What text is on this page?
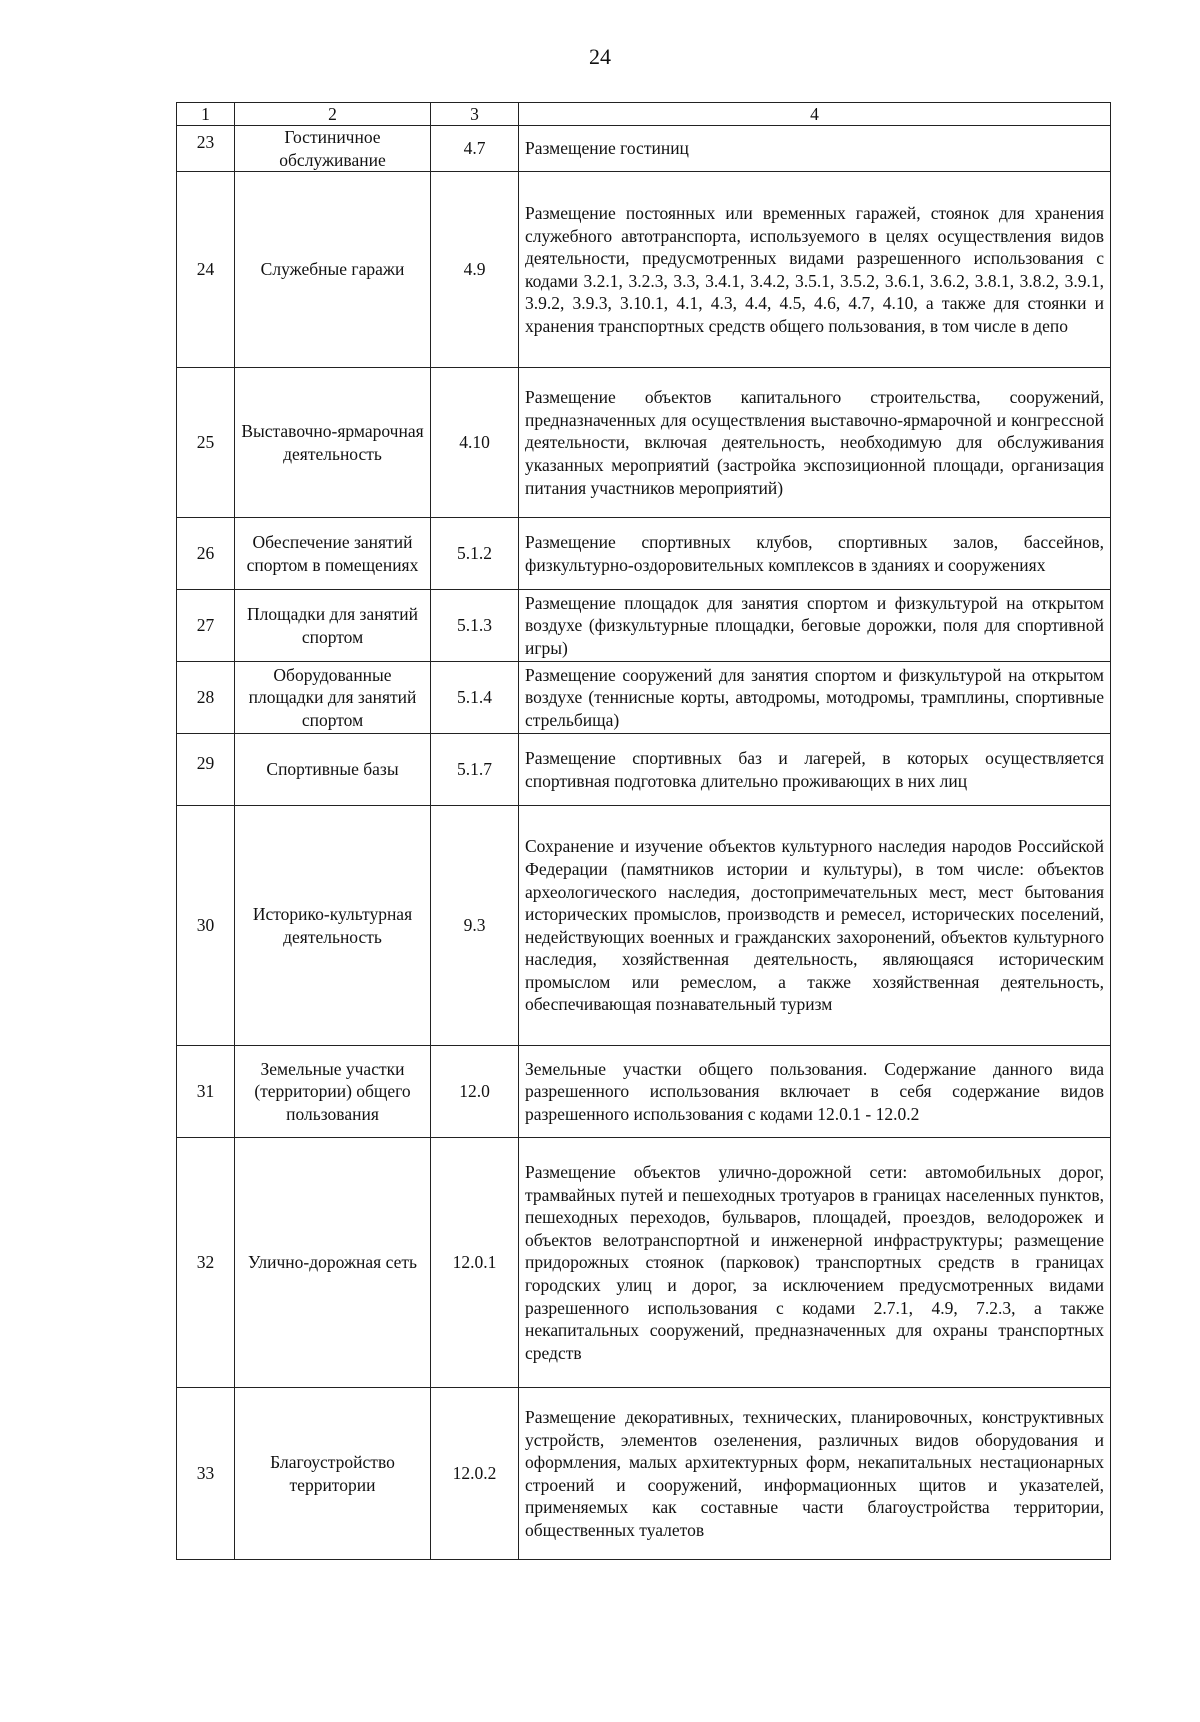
24
1	2	3	4
23	Гостиничное обслуживание	4.7	Размещение гостиниц
24	Служебные гаражи	4.9	Размещение постоянных или временных гаражей, стоянок для хранения служебного автотранспорта, используемого в целях осуществления видов деятельности, предусмотренных видами разрешенного использования с кодами 3.2.1, 3.2.3, 3.3, 3.4.1, 3.4.2, 3.5.1, 3.5.2, 3.6.1, 3.6.2, 3.8.1, 3.8.2, 3.9.1, 3.9.2, 3.9.3, 3.10.1, 4.1, 4.3, 4.4, 4.5, 4.6, 4.7, 4.10, а также для стоянки и хранения транспортных средств общего пользования, в том числе в депо
25	Выставочно-ярмарочная деятельность	4.10	Размещение объектов капитального строительства, сооружений, предназначенных для осуществления выставочно-ярмарочной и конгрессной деятельности, включая деятельность, необходимую для обслуживания указанных мероприятий (застройка экспозиционной площади, организация питания участников мероприятий)
26	Обеспечение занятий спортом в помещениях	5.1.2	Размещение спортивных клубов, спортивных залов, бассейнов, физкультурно-оздоровительных комплексов в зданиях и сооружениях
27	Площадки для занятий спортом	5.1.3	Размещение площадок для занятия спортом и физкультурой на открытом воздухе (физкультурные площадки, беговые дорожки, поля для спортивной игры)
28	Оборудованные площадки для занятий спортом	5.1.4	Размещение сооружений для занятия спортом и физкультурой на открытом воздухе (теннисные корты, автодромы, мотодромы, трамплины, спортивные стрельбища)
29	Спортивные базы	5.1.7	Размещение спортивных баз и лагерей, в которых осуществляется спортивная подготовка длительно проживающих в них лиц
30	Историко-культурная деятельность	9.3	Сохранение и изучение объектов культурного наследия народов Российской Федерации (памятников истории и культуры), в том числе: объектов археологического наследия, достопримечательных мест, мест бытования исторических промыслов, производств и ремесел, исторических поселений, недействующих военных и гражданских захоронений, объектов культурного наследия, хозяйственная деятельность, являющаяся историческим промыслом или ремеслом, а также хозяйственная деятельность, обеспечивающая познавательный туризм
31	Земельные участки (территории) общего пользования	12.0	Земельные участки общего пользования. Содержание данного вида разрешенного использования включает в себя содержание видов разрешенного использования с кодами 12.0.1 - 12.0.2
32	Улично-дорожная сеть	12.0.1	Размещение объектов улично-дорожной сети: автомобильных дорог, трамвайных путей и пешеходных тротуаров в границах населенных пунктов, пешеходных переходов, бульваров, площадей, проездов, велодорожек и объектов велотранспортной и инженерной инфраструктуры; размещение придорожных стоянок (парковок) транспортных средств в границах городских улиц и дорог, за исключением предусмотренных видами разрешенного использования с кодами 2.7.1, 4.9, 7.2.3, а также некапитальных сооружений, предназначенных для охраны транспортных средств
33	Благоустройство территории	12.0.2	Размещение декоративных, технических, планировочных, конструктивных устройств, элементов озеленения, различных видов оборудования и оформления, малых архитектурных форм, некапитальных нестационарных строений и сооружений, информационных щитов и указателей, применяемых как составные части благоустройства территории, общественных туалетов
